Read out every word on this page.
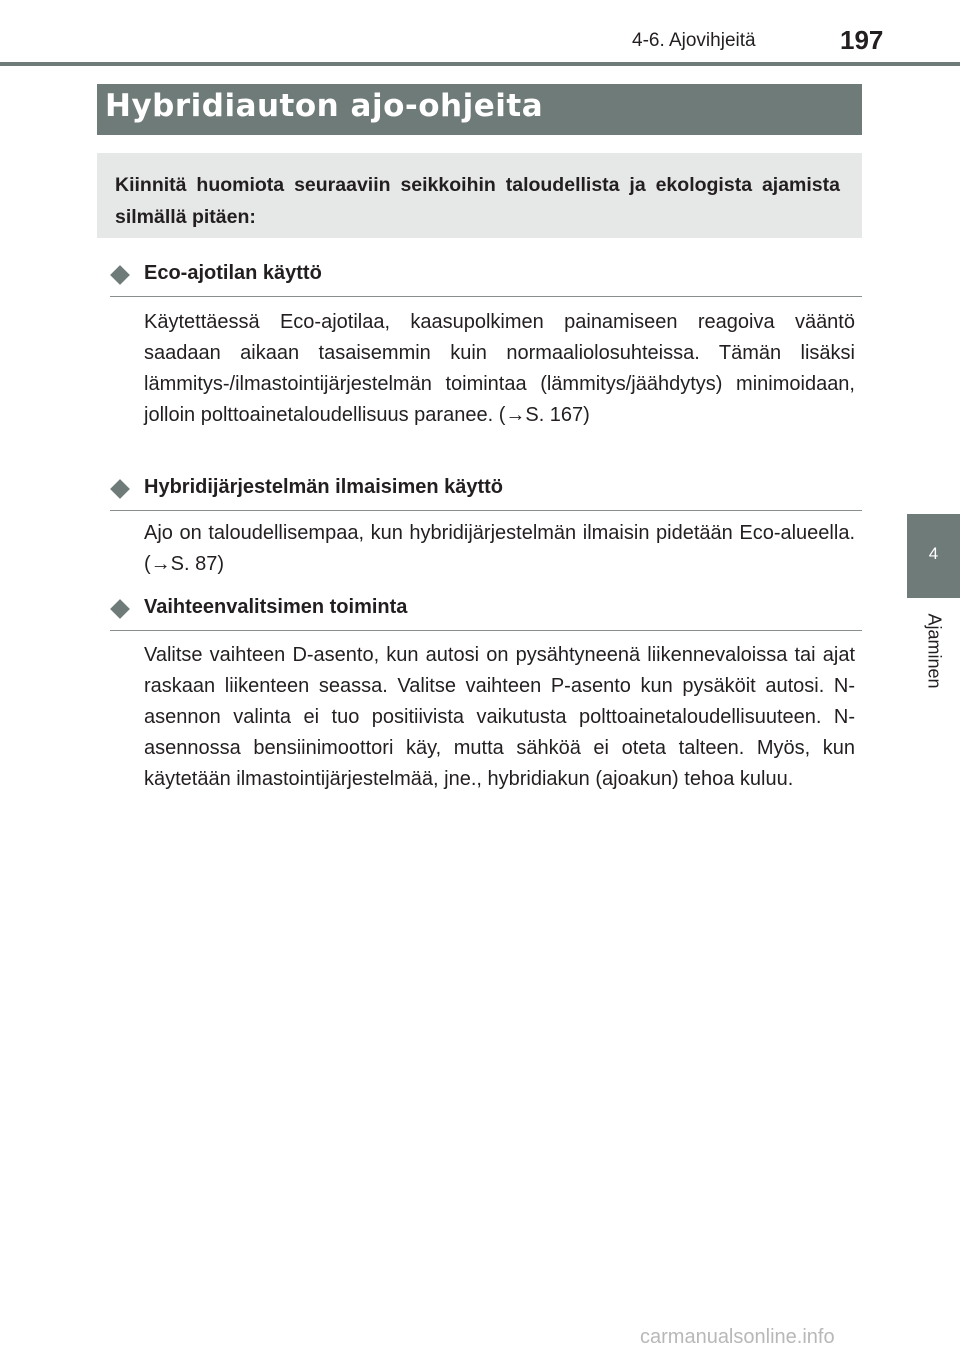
4-6. Ajovihjeitä	197
Hybridiauton ajo-ohjeita
Kiinnitä huomiota seuraaviin seikkoihin taloudellista ja ekologista ajamista silmällä pitäen:
Eco-ajotilan käyttö
Käytettäessä Eco-ajotilaa, kaasupolkimen painamiseen reagoiva vääntö saadaan aikaan tasaisemmin kuin normaaliolosuhteissa. Tämän lisäksi lämmitys-/ilmastointijärjestelmän toimintaa (lämmitys/jäähdytys) minimoidaan, jolloin polttoainetaloudellisuus paranee. (→S. 167)
Hybridijärjestelmän ilmaisimen käyttö
Ajo on taloudellisempaa, kun hybridijärjestelmän ilmaisin pidetään Eco-alueella. (→S. 87)
Vaihteenvalitsimen toiminta
Valitse vaihteen D-asento, kun autosi on pysähtyneenä liikennevaloissa tai ajat raskaan liikenteen seassa. Valitse vaihteen P-asento kun pysäköit autosi. N-asennon valinta ei tuo positiivista vaikutusta polttoainetaloudellisuuteen. N-asennossa bensiinimoottori käy, mutta sähköä ei oteta talteen. Myös, kun käytetään ilmastointijärjestelmää, jne., hybridiakun (ajoakun) tehoa kuluu.
4
Ajaminen
carmanualsonline.info
